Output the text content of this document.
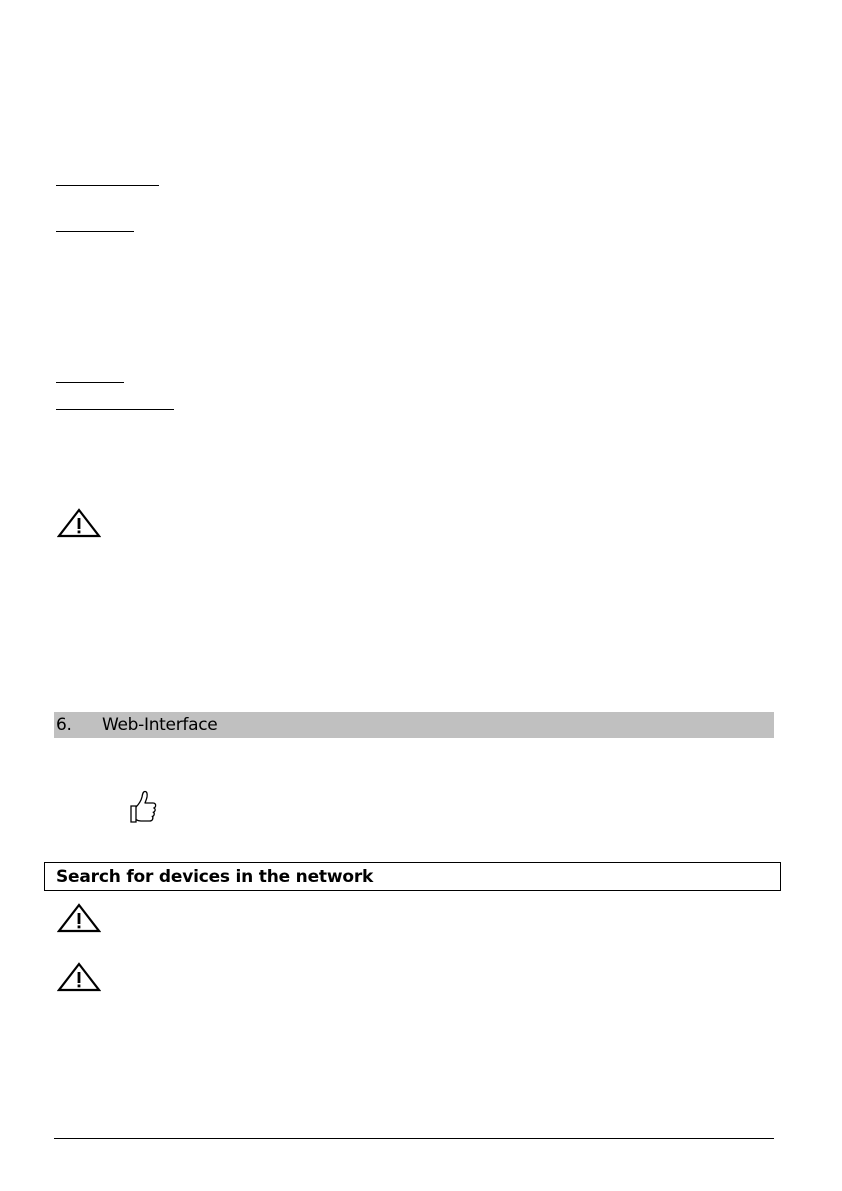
6.	Web-Interface
Search for devices in the network
